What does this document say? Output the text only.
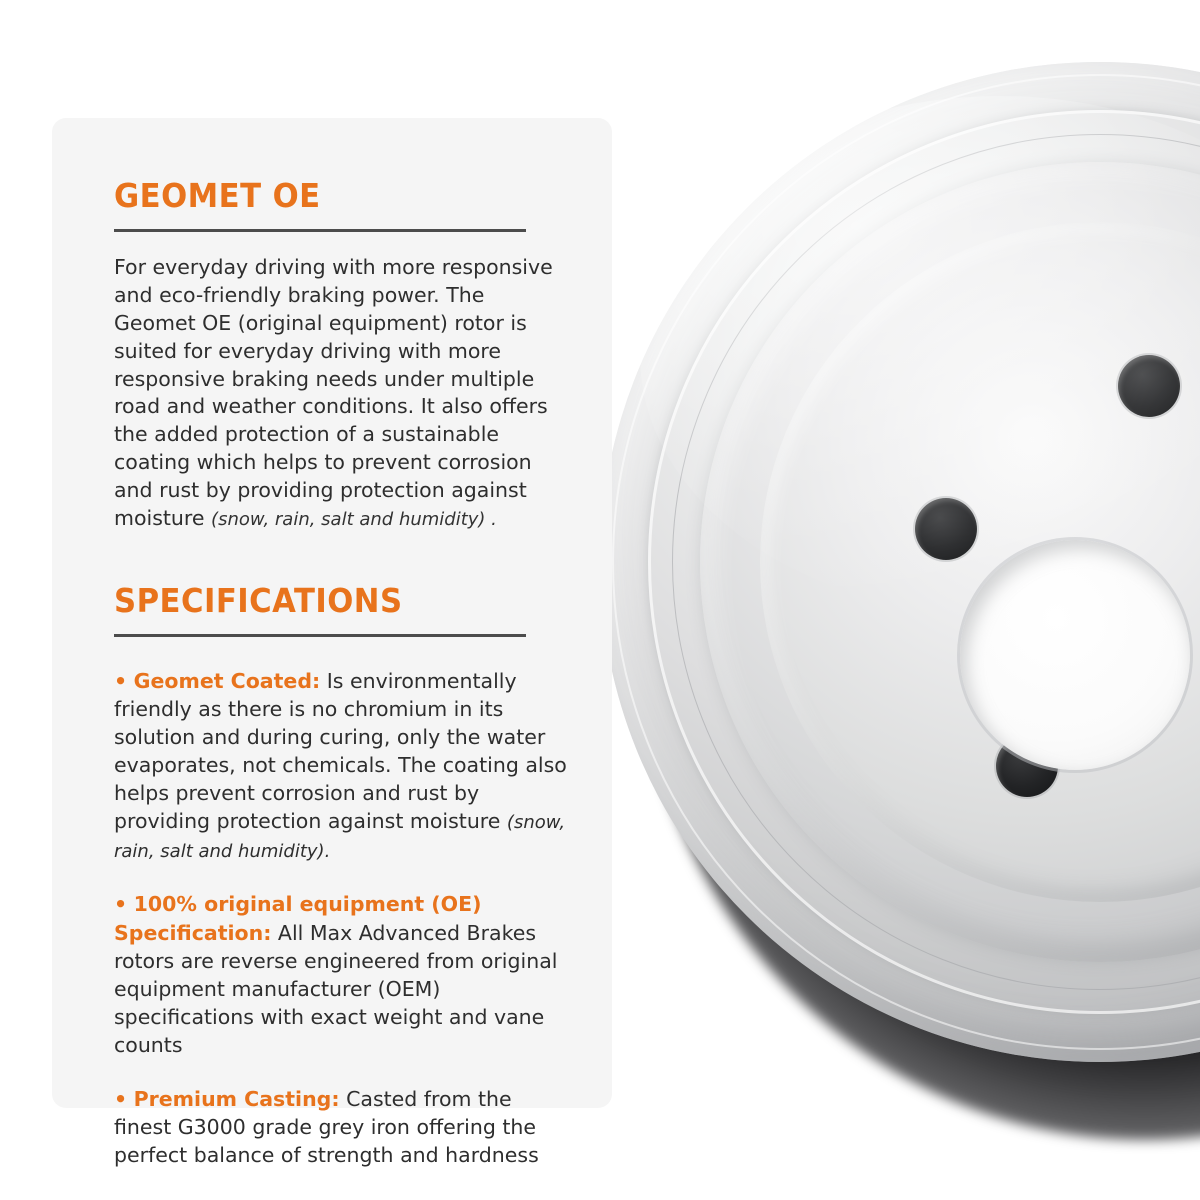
GEOMET OE

For everyday driving with more responsive and eco-friendly braking power. The Geomet OE (original equipment) rotor is suited for everyday driving with more responsive braking needs under multiple road and weather conditions. It also offers the added protection of a sustainable coating which helps to prevent corrosion and rust by providing protection against moisture (snow, rain, salt and humidity) .

SPECIFICATIONS

• Geomet Coated: Is environmentally friendly as there is no chromium in its solution and during curing, only the water evaporates, not chemicals. The coating also helps prevent corrosion and rust by providing protection against moisture (snow, rain, salt and humidity).

• 100% original equipment (OE) Specification: All Max Advanced Brakes rotors are reverse engineered from original equipment manufacturer (OEM) specifications with exact weight and vane counts

• Premium Casting: Casted from the finest G3000 grade grey iron offering the perfect balance of strength and hardness
